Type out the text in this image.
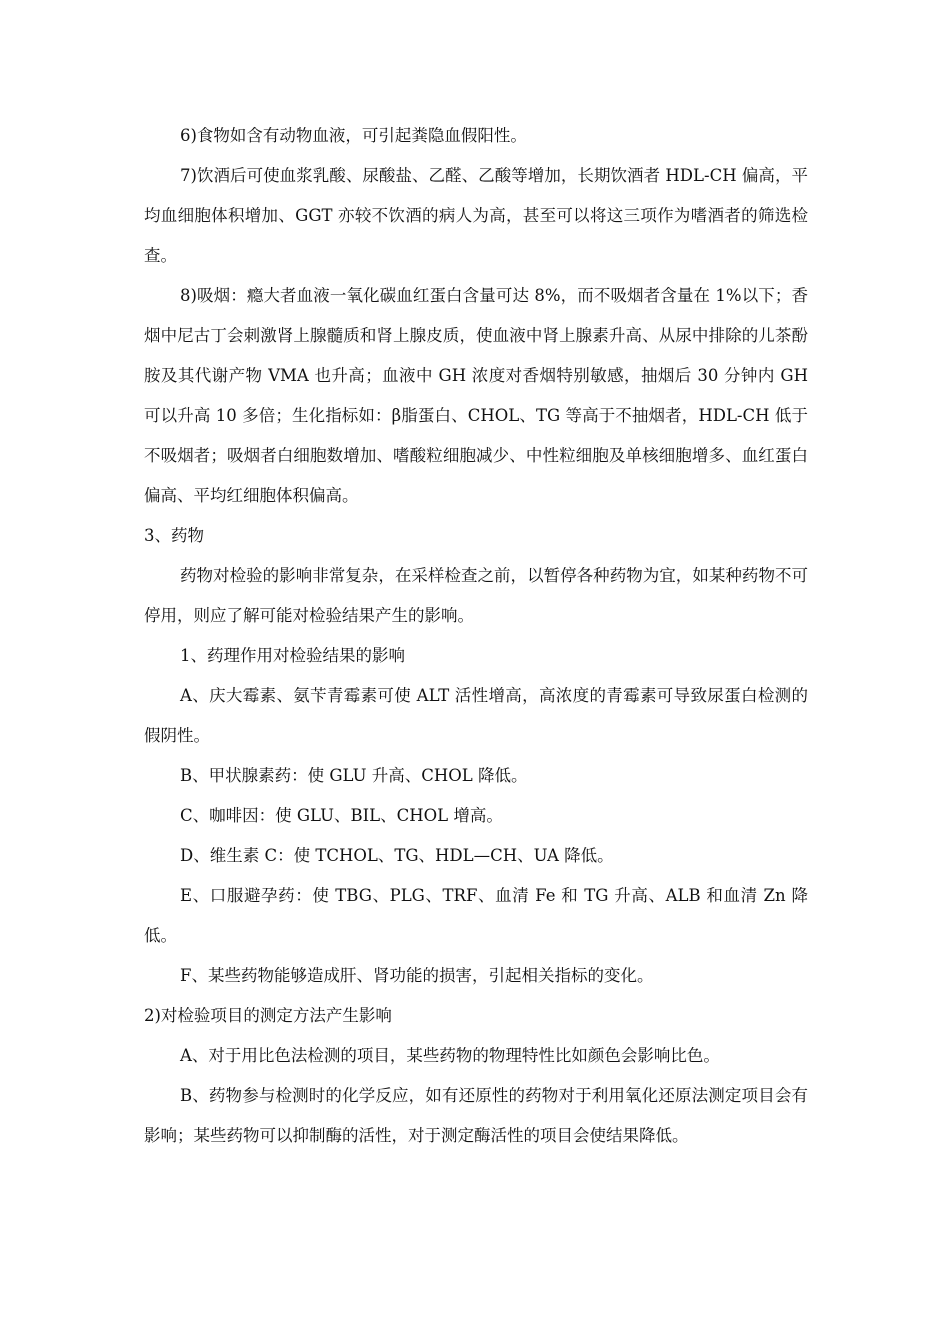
6)食物如含有动物血液，可引起粪隐血假阳性。

7)饮酒后可使血浆乳酸、尿酸盐、乙醛、乙酸等增加，长期饮酒者 HDL-CH 偏高，平均血细胞体积增加、GGT 亦较不饮酒的病人为高，甚至可以将这三项作为嗜酒者的筛选检查。

8)吸烟：瘾大者血液一氧化碳血红蛋白含量可达 8%，而不吸烟者含量在 1%以下；香烟中尼古丁会刺激肾上腺髓质和肾上腺皮质，使血液中肾上腺素升高、从尿中排除的儿茶酚胺及其代谢产物 VMA 也升高；血液中 GH 浓度对香烟特别敏感，抽烟后 30 分钟内 GH 可以升高 10 多倍；生化指标如：β脂蛋白、CHOL、TG 等高于不抽烟者，HDL-CH 低于不吸烟者；吸烟者白细胞数增加、嗜酸粒细胞减少、中性粒细胞及单核细胞增多、血红蛋白偏高、平均红细胞体积偏高。

3、药物

药物对检验的影响非常复杂，在采样检查之前，以暂停各种药物为宜，如某种药物不可停用，则应了解可能对检验结果产生的影响。

1、药理作用对检验结果的影响

A、庆大霉素、氨苄青霉素可使 ALT 活性增高，高浓度的青霉素可导致尿蛋白检测的假阴性。

B、甲状腺素药：使 GLU 升高、CHOL 降低。

C、咖啡因：使 GLU、BIL、CHOL 增高。

D、维生素 C：使 TCHOL、TG、HDL—CH、UA 降低。

E、口服避孕药：使 TBG、PLG、TRF、血清 Fe 和 TG 升高、ALB 和血清 Zn 降低。

F、某些药物能够造成肝、肾功能的损害，引起相关指标的变化。

2)对检验项目的测定方法产生影响

A、对于用比色法检测的项目，某些药物的物理特性比如颜色会影响比色。

B、药物参与检测时的化学反应，如有还原性的药物对于利用氧化还原法测定项目会有影响；某些药物可以抑制酶的活性，对于测定酶活性的项目会使结果降低。
